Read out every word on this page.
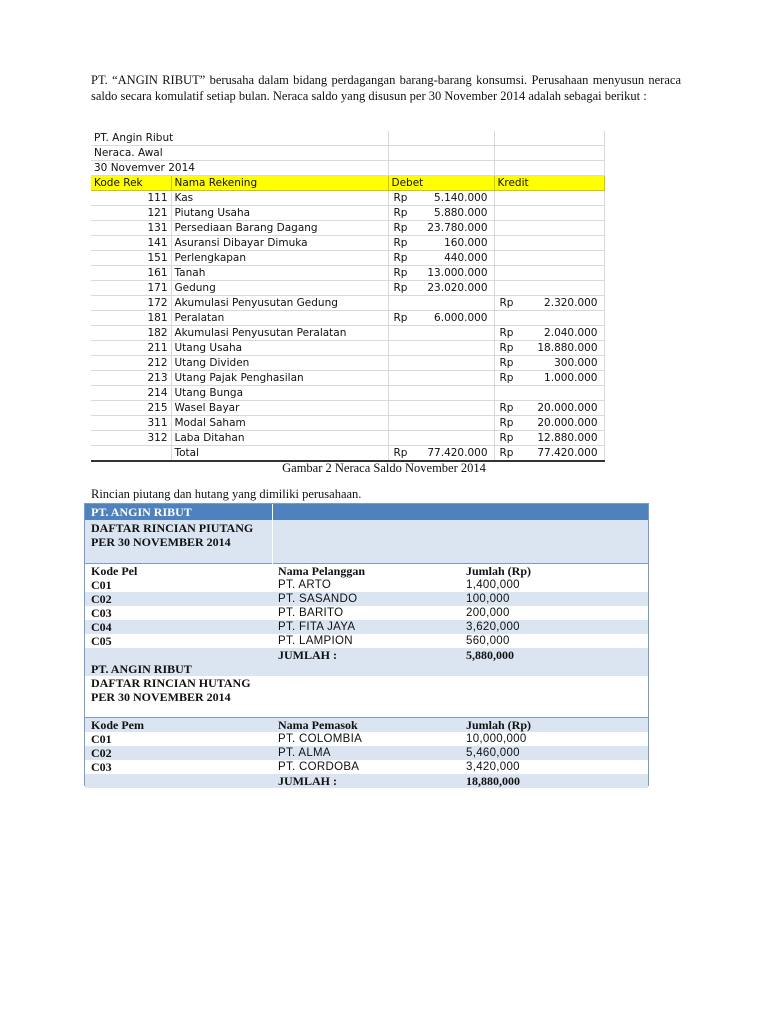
PT. “ANGIN RIBUT” berusaha dalam bidang perdagangan barang-barang konsumsi. Perusahaan menyusun neraca saldo secara komulatif setiap bulan. Neraca saldo yang disusun per 30 November 2014 adalah sebagai berikut :

PT. Angin Ribut					
Neraca. Awal					
30 Novemver 2014					
Kode Rek	Nama Rekening	Debet		Kredit	
111	Kas	Rp	5.140.000		
121	Piutang Usaha	Rp	5.880.000		
131	Persediaan Barang Dagang	Rp	23.780.000		
141	Asuransi Dibayar Dimuka	Rp	160.000		
151	Perlengkapan	Rp	440.000		
161	Tanah	Rp	13.000.000		
171	Gedung	Rp	23.020.000		
172	Akumulasi Penyusutan Gedung			Rp	2.320.000
181	Peralatan	Rp	6.000.000		
182	Akumulasi Penyusutan Peralatan			Rp	2.040.000
211	Utang Usaha			Rp	18.880.000
212	Utang Dividen			Rp	300.000
213	Utang Pajak Penghasilan			Rp	1.000.000
214	Utang Bunga				
215	Wasel Bayar			Rp	20.000.000
311	Modal Saham			Rp	20.000.000
312	Laba Ditahan			Rp	12.880.000
	Total	Rp	77.420.000	Rp	77.420.000

Gambar 2 Neraca Saldo November 2014

Rincian piutang dan hutang yang dimiliki perusahaan.

PT. ANGIN RIBUT		
DAFTAR RINCIAN PIUTANG PER 30 NOVEMBER 2014		
Kode Pel	Nama Pelanggan	Jumlah (Rp)
C01	PT. ARTO	1,400,000
C02	PT. SASANDO	100,000
C03	PT. BARITO	200,000
C04	PT. FITA JAYA	3,620,000
C05	PT. LAMPION	560,000
	JUMLAH :	5,880,000
PT. ANGIN RIBUT		
DAFTAR RINCIAN HUTANG PER 30 NOVEMBER 2014		
Kode Pem	Nama Pemasok	Jumlah (Rp)
C01	PT. COLOMBIA	10,000,000
C02	PT. ALMA	5,460,000
C03	PT. CORDOBA	3,420,000
	JUMLAH :	18,880,000
